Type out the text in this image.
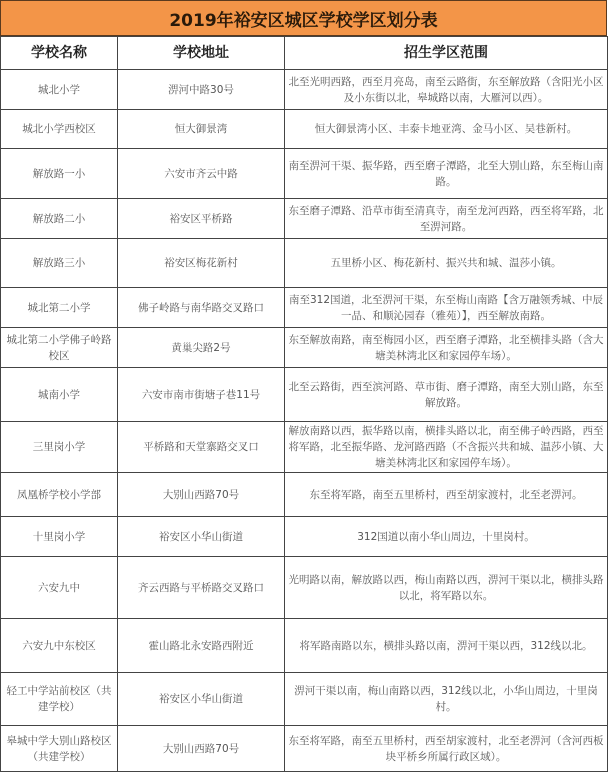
2019年裕安区城区学校学区划分表
学校名称	学校地址	招生学区范围
城北小学	淠河中路30号	北至光明西路，西至月亮岛，南至云路街，东至解放路（含阳光小区及小东街以北，皋城路以南，大雁河以西）。
城北小学西校区	恒大御景湾	恒大御景湾小区、丰泰卡地亚湾、金马小区、吴巷新村。
解放路一小	六安市齐云中路	南至淠河干渠、振华路，西至磨子潭路，北至大别山路，东至梅山南路。
解放路二小	裕安区平桥路	东至磨子潭路、沿草市街至清真寺，南至龙河西路，西至将军路，北至淠河路。
解放路三小	裕安区梅花新村	五里桥小区、梅花新村、振兴共和城、温莎小镇。
城北第二小学	佛子岭路与南华路交叉路口	南至312国道，北至淠河干渠，东至梅山南路【含万融领秀城、中辰一品、和顺沁园春（雅苑）】，西至解放南路。
城北第二小学佛子岭路校区	黄巢尖路2号	东至解放南路，南至梅园小区，西至磨子潭路，北至横排头路（含大塘美林湾北区和家园停车场）。
城南小学	六安市南市街塘子巷11号	北至云路街，西至滨河路、草市街、磨子潭路，南至大别山路，东至解放路。
三里岗小学	平桥路和天堂寨路交叉口	解放南路以西，振华路以南，横排头路以北，南至佛子岭西路，西至将军路，北至振华路、龙河路西路（不含振兴共和城、温莎小镇、大塘美林湾北区和家园停车场）。
凤凰桥学校小学部	大别山西路70号	东至将军路，南至五里桥村，西至胡家渡村，北至老淠河。
十里岗小学	裕安区小华山街道	312国道以南小华山周边，十里岗村。
六安九中	齐云西路与平桥路交叉路口	光明路以南，解放路以西，梅山南路以西，淠河干渠以北，横排头路以北，将军路以东。
六安九中东校区	霍山路北永安路西附近	将军路南路以东，横排头路以南，淠河干渠以西，312线以北。
轻工中学站前校区（共建学校）	裕安区小华山街道	淠河干渠以南，梅山南路以西，312线以北，小华山周边，十里岗村。
皋城中学大别山路校区（共建学校）	大别山西路70号	东至将军路，南至五里桥村，西至胡家渡村，北至老淠河（含河西板块平桥乡所属行政区域）。
